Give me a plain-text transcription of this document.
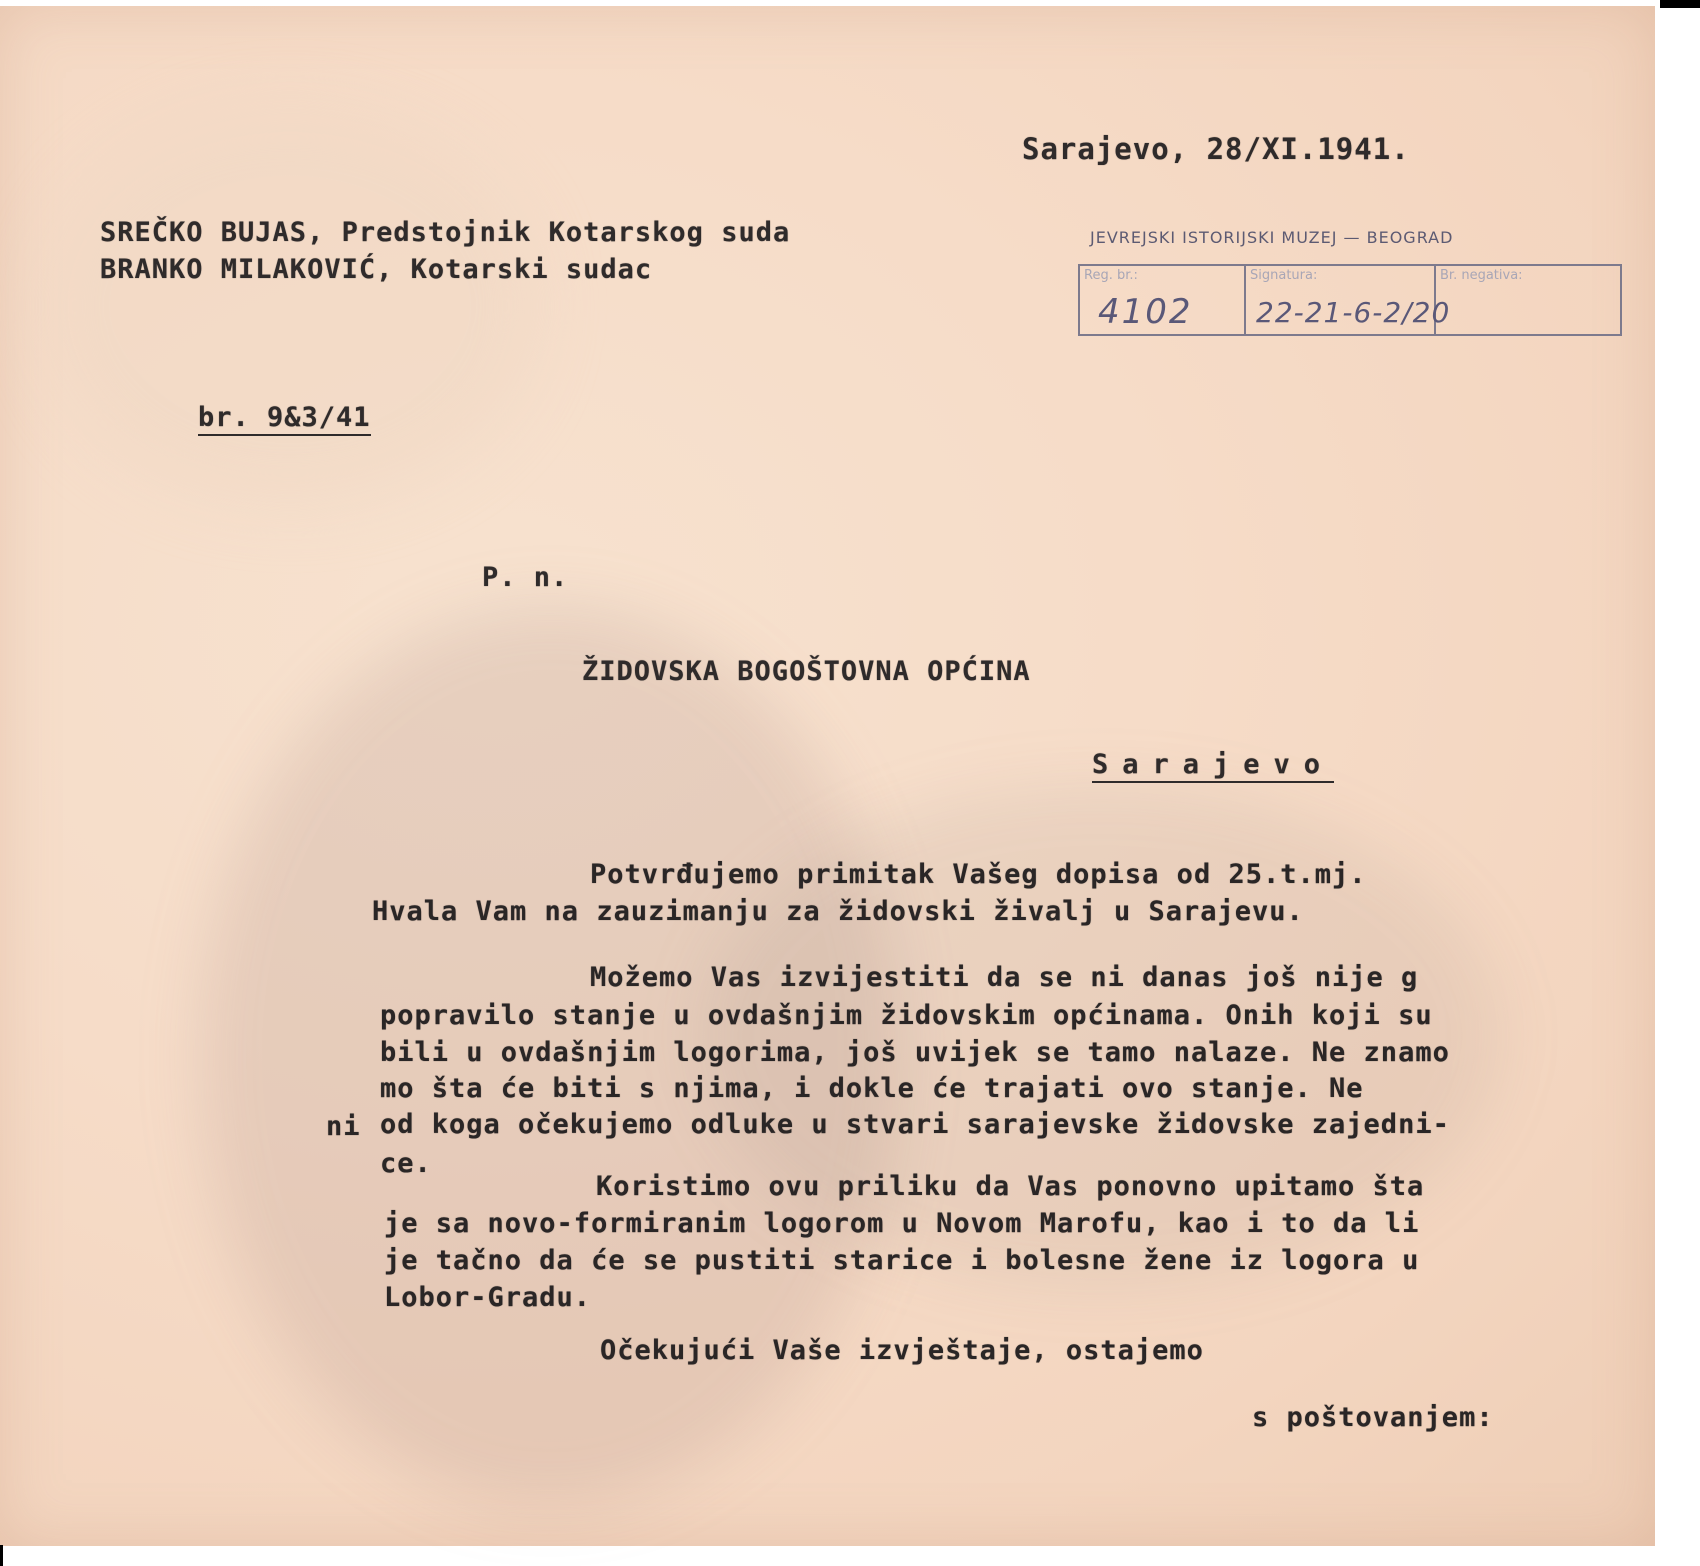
Sarajevo, 28/XI.1941.

SREČKO BUJAS, Predstojnik Kotarskog suda

BRANKO MILAKOVIĆ, Kotarski sudac

JEVREJSKI ISTORIJSKI MUZEJ — BEOGRAD
Reg. br.:
4102
Signatura:
22-21-6-2/20
Br. negativa:

br. 9&3/41

P. n.

ŽIDOVSKA BOGOŠTOVNA OPĆINA

Sarajevo

Potvrđujemo primitak Vašeg dopisa od 25.t.mj.

Hvala Vam na zauzimanju za židovski živalj u Sarajevu.

Možemo Vas izvijestiti da se ni danas još nije g

popravilo stanje u ovdašnjim židovskim općinama. Onih koji su

bili u ovdašnjim logorima, još uvijek se tamo nalaze. Ne znamo

mo šta će biti s njima, i dokle će trajati ovo stanje. Ne

ni od koga očekujemo odluke u stvari sarajevske židovske zajedni-

ce.

Koristimo ovu priliku da Vas ponovno upitamo šta

je sa novo-formiranim logorom u Novom Marofu, kao i to da li

je tačno da će se pustiti starice i bolesne žene iz logora u

Lobor-Gradu.

Očekujući Vaše izvještaje, ostajemo

s poštovanjem:
